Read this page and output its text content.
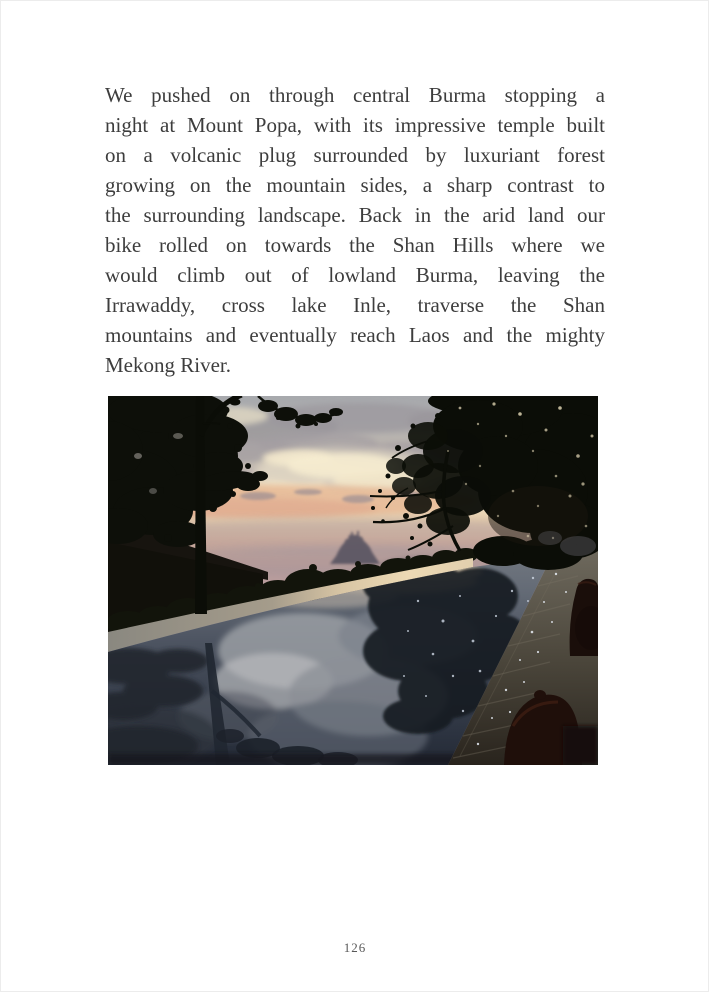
We pushed on through central Burma stopping a
night at Mount Popa, with its impressive temple built
on a volcanic plug surrounded by luxuriant forest
growing on the mountain sides, a sharp contrast to
the surrounding landscape. Back in the arid land our
bike rolled on towards the Shan Hills where we
would climb out of lowland Burma, leaving the
Irrawaddy, cross lake Inle, traverse the Shan
mountains and eventually reach Laos and the mighty
Mekong River.
126
